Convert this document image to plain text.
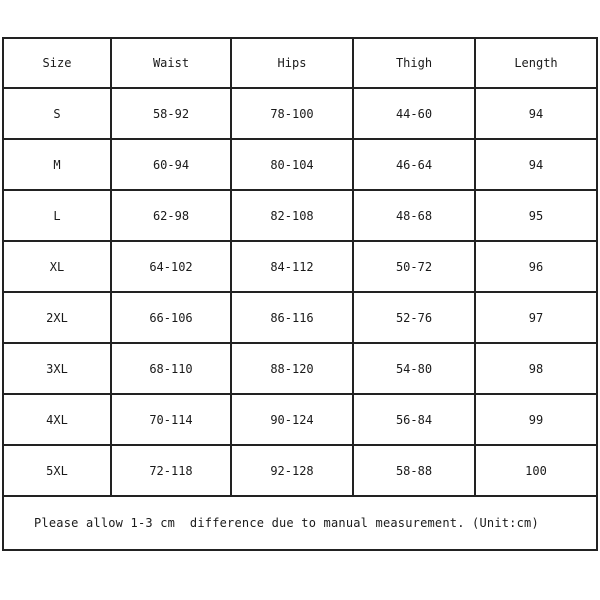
Size	Waist	Hips	Thigh	Length
S	58-92	78-100	44-60	94
M	60-94	80-104	46-64	94
L	62-98	82-108	48-68	95
XL	64-102	84-112	50-72	96
2XL	66-106	86-116	52-76	97
3XL	68-110	88-120	54-80	98
4XL	70-114	90-124	56-84	99
5XL	72-118	92-128	58-88	100
Please allow 1-3 cm  difference due to manual measurement. (Unit:cm)				
